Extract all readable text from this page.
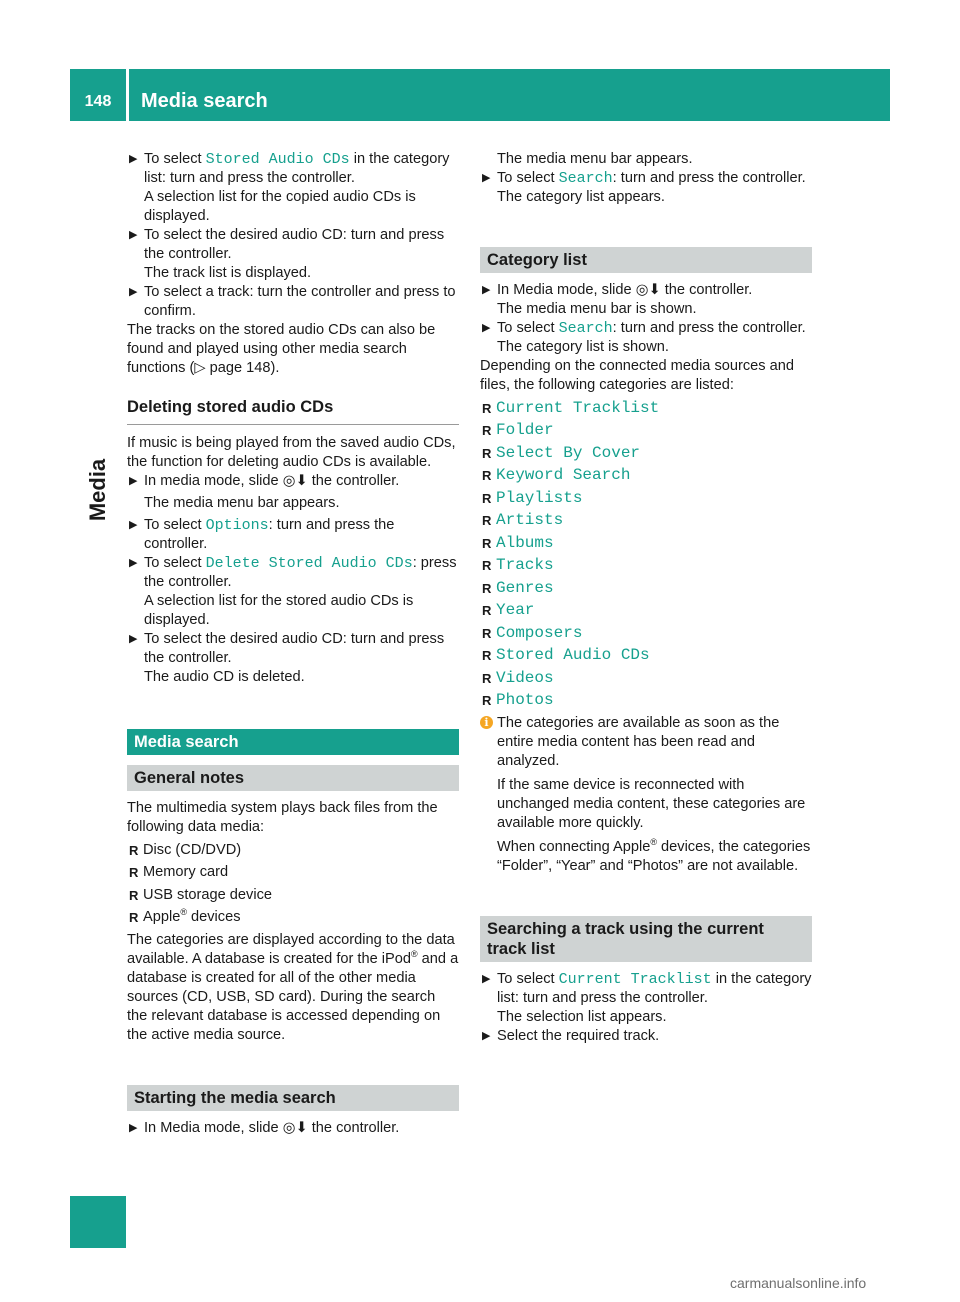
148	Media search
Media
▶ To select Stored Audio CDs in the category list: turn and press the controller.
A selection list for the copied audio CDs is displayed.
▶ To select the desired audio CD: turn and press the controller.
The track list is displayed.
▶ To select a track: turn the controller and press to confirm.

The tracks on the stored audio CDs can also be found and played using other media search functions (▷ page 148).

Deleting stored audio CDs

If music is being played from the saved audio CDs, the function for deleting audio CDs is available.

▶ In media mode, slide ◎⬇ the controller.

The media menu bar appears.

▶ To select Options: turn and press the controller.
▶ To select Delete Stored Audio CDs: press the controller.
A selection list for the stored audio CDs is displayed.
▶ To select the desired audio CD: turn and press the controller.
The audio CD is deleted.
Media search
General notes

The multimedia system plays back files from the following data media:

R Disc (CD/DVD)
R Memory card
R USB storage device
R Apple® devices

The categories are displayed according to the data available. A database is created for the iPod® and a database is created for all of the other media sources (CD, USB, SD card). During the search the relevant database is accessed depending on the active media source.

Starting the media search
▶ In Media mode, slide ◎⬇ the controller.

The media menu bar appears.

▶ To select Search: turn and press the controller.
The category list appears.
Category list
▶ In Media mode, slide ◎⬇ the controller.
The media menu bar is shown.
▶ To select Search: turn and press the controller.
The category list is shown.

Depending on the connected media sources and files, the following categories are listed:

R Current Tracklist
R Folder
R Select By Cover
R Keyword Search
R Playlists
R Artists
R Albums
R Tracks
R Genres
R Year
R Composers
R Stored Audio CDs
R Videos
R Photos
i The categories are available as soon as the entire media content has been read and analyzed.

If the same device is reconnected with unchanged media content, these categories are available more quickly.

When connecting Apple® devices, the categories “Folder”, “Year” and “Photos” are not available.

Searching a track using the current track list
▶ To select Current Tracklist in the category list: turn and press the controller.
The selection list appears.
▶ Select the required track.
carmanualsonline.info
